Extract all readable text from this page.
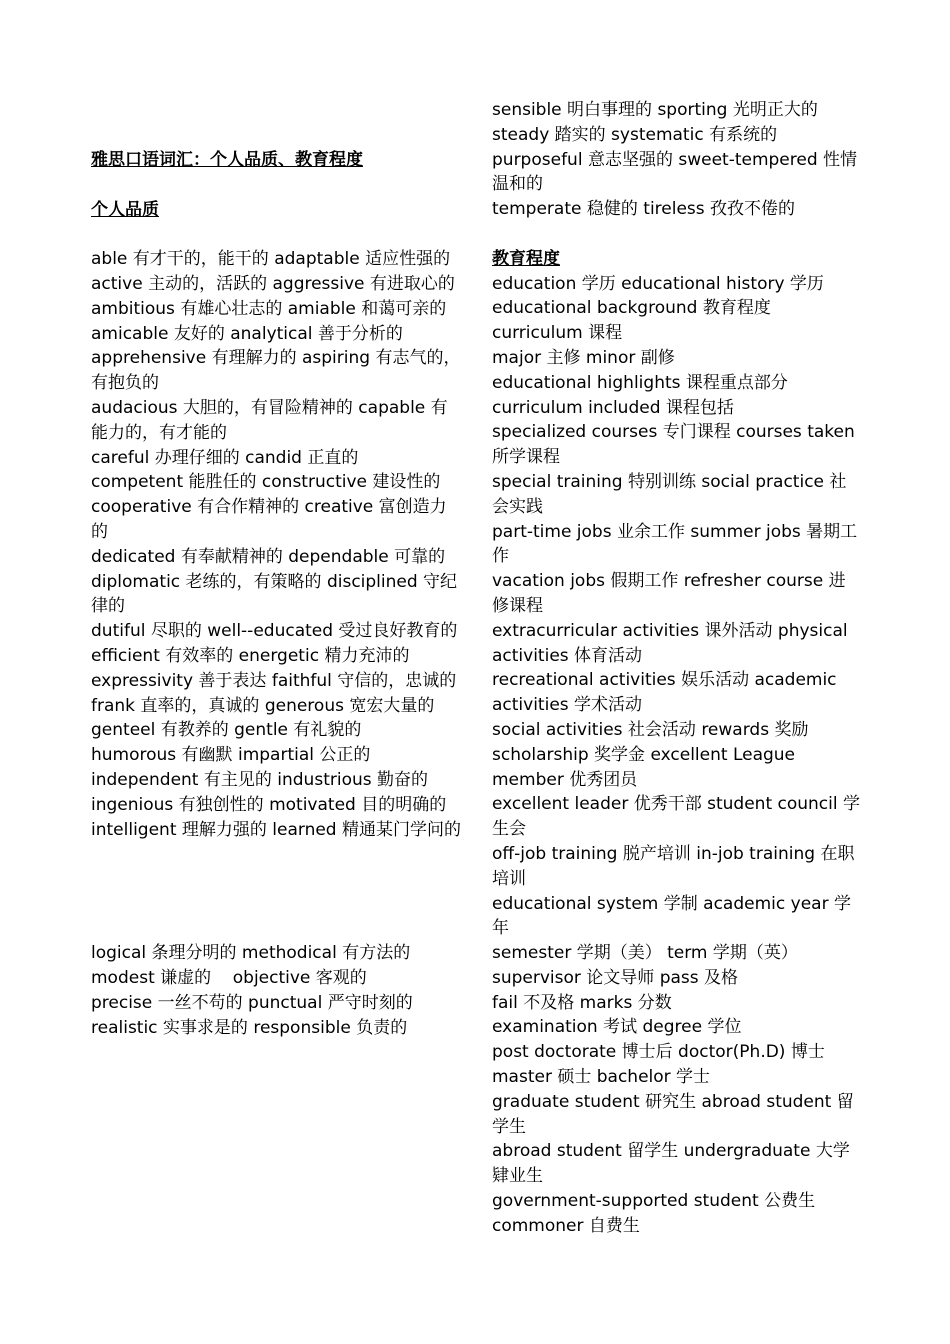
雅思口语词汇：个人品质、教育程度
个人品质
able 有才干的，能干的 adaptable 适应性强的
active 主动的，活跃的 aggressive 有进取心的
ambitious 有雄心壮志的 amiable 和蔼可亲的
amicable 友好的 analytical 善于分析的
apprehensive 有理解力的 aspiring 有志气的，有抱负的
audacious 大胆的，有冒险精神的 capable 有能力的，有才能的
careful 办理仔细的 candid 正直的
competent 能胜任的 constructive 建设性的
cooperative 有合作精神的 creative 富创造力的
dedicated 有奉献精神的 dependable 可靠的
diplomatic 老练的，有策略的 disciplined 守纪律的
dutiful 尽职的 well--educated 受过良好教育的
efficient 有效率的 energetic 精力充沛的
expressivity 善于表达 faithful 守信的，忠诚的
frank 直率的，真诚的 generous 宽宏大量的
genteel 有教养的 gentle 有礼貌的
humorous 有幽默 impartial 公正的
independent 有主见的 industrious 勤奋的
ingenious 有独创性的 motivated 目的明确的
intelligent 理解力强的 learned 精通某门学问的
logical 条理分明的 methodical 有方法的
modest 谦虚的    objective 客观的
precise 一丝不苟的 punctual 严守时刻的
realistic 实事求是的 responsible 负责的
sensible 明白事理的 sporting 光明正大的
steady 踏实的 systematic 有系统的
purposeful 意志坚强的 sweet-tempered 性情温和的
temperate 稳健的 tireless 孜孜不倦的
教育程度
education 学历 educational history 学历
educational background 教育程度
curriculum 课程
major 主修 minor 副修
educational highlights 课程重点部分
curriculum included 课程包括
specialized courses 专门课程 courses taken 所学课程
special training 特别训练 social practice 社会实践
part-time jobs 业余工作 summer jobs 暑期工作
vacation jobs 假期工作 refresher course 进修课程
extracurricular activities 课外活动 physical activities 体育活动
recreational activities 娱乐活动 academic activities 学术活动
social activities 社会活动 rewards 奖励
scholarship 奖学金 excellent League member 优秀团员
excellent leader 优秀干部 student council 学生会
off-job training 脱产培训 in-job training 在职培训
educational system 学制 academic year 学年
semester 学期（美） term 学期（英）
supervisor 论文导师 pass 及格
fail 不及格 marks 分数
examination 考试 degree 学位
post doctorate 博士后 doctor(Ph.D) 博士
master 硕士 bachelor 学士
graduate student 研究生 abroad student 留学生
abroad student 留学生 undergraduate 大学肄业生
government-supported student 公费生
commoner 自费生
